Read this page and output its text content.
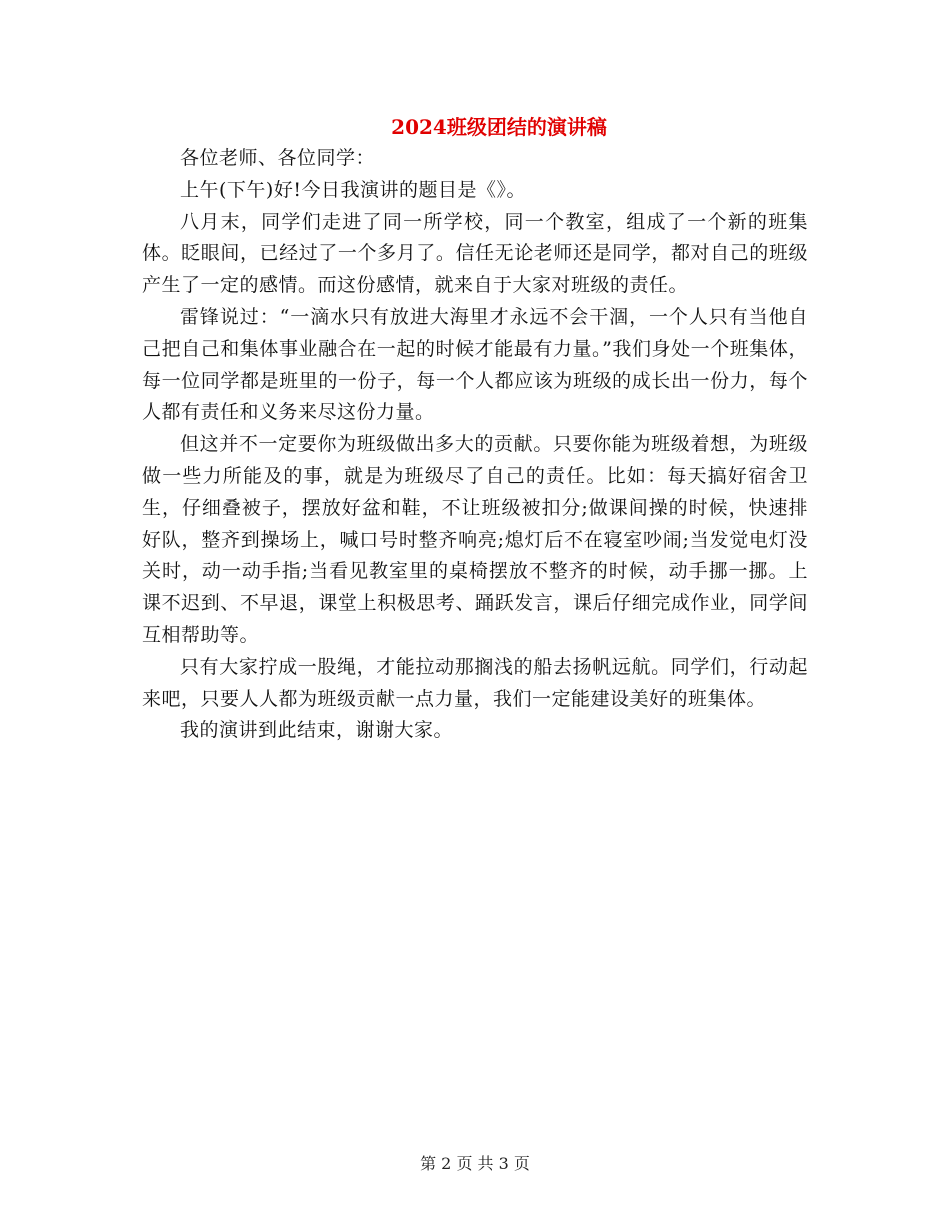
2024班级团结的演讲稿

各位老师、各位同学：

上午(下午)好!今日我演讲的题目是《》。

八月末，同学们走进了同一所学校，同一个教室，组成了一个新的班集体。眨眼间，已经过了一个多月了。信任无论老师还是同学，都对自己的班级产生了一定的感情。而这份感情，就来自于大家对班级的责任。

雷锋说过：“一滴水只有放进大海里才永远不会干涸，一个人只有当他自己把自己和集体事业融合在一起的时候才能最有力量。”我们身处一个班集体，每一位同学都是班里的一份子，每一个人都应该为班级的成长出一份力，每个人都有责任和义务来尽这份力量。

但这并不一定要你为班级做出多大的贡献。只要你能为班级着想，为班级做一些力所能及的事，就是为班级尽了自己的责任。比如：每天搞好宿舍卫生，仔细叠被子，摆放好盆和鞋，不让班级被扣分;做课间操的时候，快速排好队，整齐到操场上，喊口号时整齐响亮;熄灯后不在寝室吵闹;当发觉电灯没关时，动一动手指;当看见教室里的桌椅摆放不整齐的时候，动手挪一挪。上课不迟到、不早退，课堂上积极思考、踊跃发言，课后仔细完成作业，同学间互相帮助等。

只有大家拧成一股绳，才能拉动那搁浅的船去扬帆远航。同学们，行动起来吧，只要人人都为班级贡献一点力量，我们一定能建设美好的班集体。

我的演讲到此结束，谢谢大家。

第 2 页 共 3 页
